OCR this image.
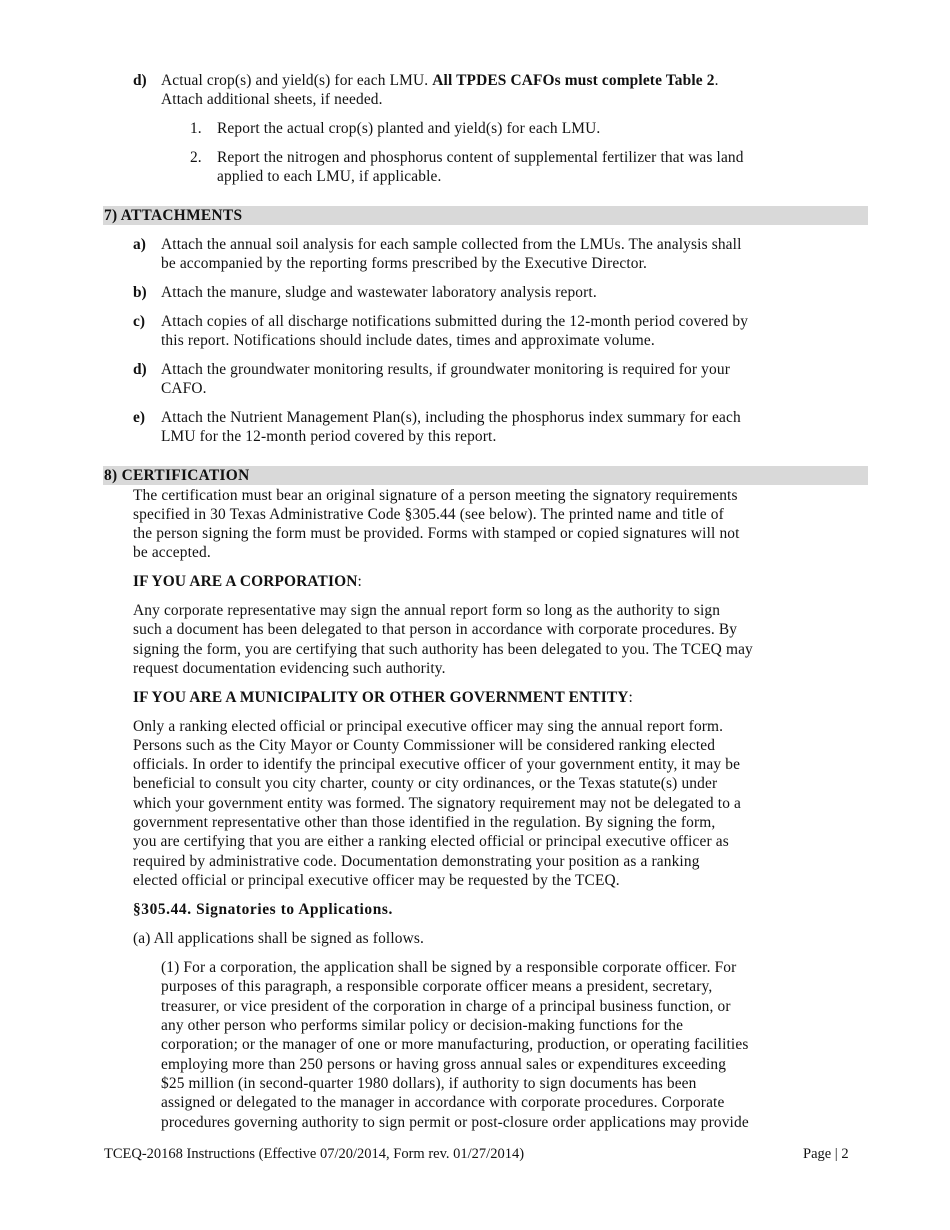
d) Actual crop(s) and yield(s) for each LMU. All TPDES CAFOs must complete Table 2.
Attach additional sheets, if needed.
1. Report the actual crop(s) planted and yield(s) for each LMU.
2. Report the nitrogen and phosphorus content of supplemental fertilizer that was land
applied to each LMU, if applicable.
7) ATTACHMENTS
a) Attach the annual soil analysis for each sample collected from the LMUs. The analysis shall
be accompanied by the reporting forms prescribed by the Executive Director.
b) Attach the manure, sludge and wastewater laboratory analysis report.
c) Attach copies of all discharge notifications submitted during the 12-month period covered by
this report. Notifications should include dates, times and approximate volume.
d) Attach the groundwater monitoring results, if groundwater monitoring is required for your
CAFO.
e) Attach the Nutrient Management Plan(s), including the phosphorus index summary for each
LMU for the 12-month period covered by this report.
8) CERTIFICATION
The certification must bear an original signature of a person meeting the signatory requirements
specified in 30 Texas Administrative Code §305.44 (see below). The printed name and title of
the person signing the form must be provided. Forms with stamped or copied signatures will not
be accepted.
IF YOU ARE A CORPORATION:
Any corporate representative may sign the annual report form so long as the authority to sign
such a document has been delegated to that person in accordance with corporate procedures. By
signing the form, you are certifying that such authority has been delegated to you. The TCEQ may
request documentation evidencing such authority.
IF YOU ARE A MUNICIPALITY OR OTHER GOVERNMENT ENTITY:
Only a ranking elected official or principal executive officer may sing the annual report form.
Persons such as the City Mayor or County Commissioner will be considered ranking elected
officials. In order to identify the principal executive officer of your government entity, it may be
beneficial to consult you city charter, county or city ordinances, or the Texas statute(s) under
which your government entity was formed. The signatory requirement may not be delegated to a
government representative other than those identified in the regulation. By signing the form,
you are certifying that you are either a ranking elected official or principal executive officer as
required by administrative code. Documentation demonstrating your position as a ranking
elected official or principal executive officer may be requested by the TCEQ.
§305.44. Signatories to Applications.
(a) All applications shall be signed as follows.
(1) For a corporation, the application shall be signed by a responsible corporate officer. For
purposes of this paragraph, a responsible corporate officer means a president, secretary,
treasurer, or vice president of the corporation in charge of a principal business function, or
any other person who performs similar policy or decision-making functions for the
corporation; or the manager of one or more manufacturing, production, or operating facilities
employing more than 250 persons or having gross annual sales or expenditures exceeding
$25 million (in second-quarter 1980 dollars), if authority to sign documents has been
assigned or delegated to the manager in accordance with corporate procedures. Corporate
procedures governing authority to sign permit or post-closure order applications may provide
TCEQ-20168 Instructions (Effective 07/20/2014, Form rev. 01/27/2014)	Page | 2
